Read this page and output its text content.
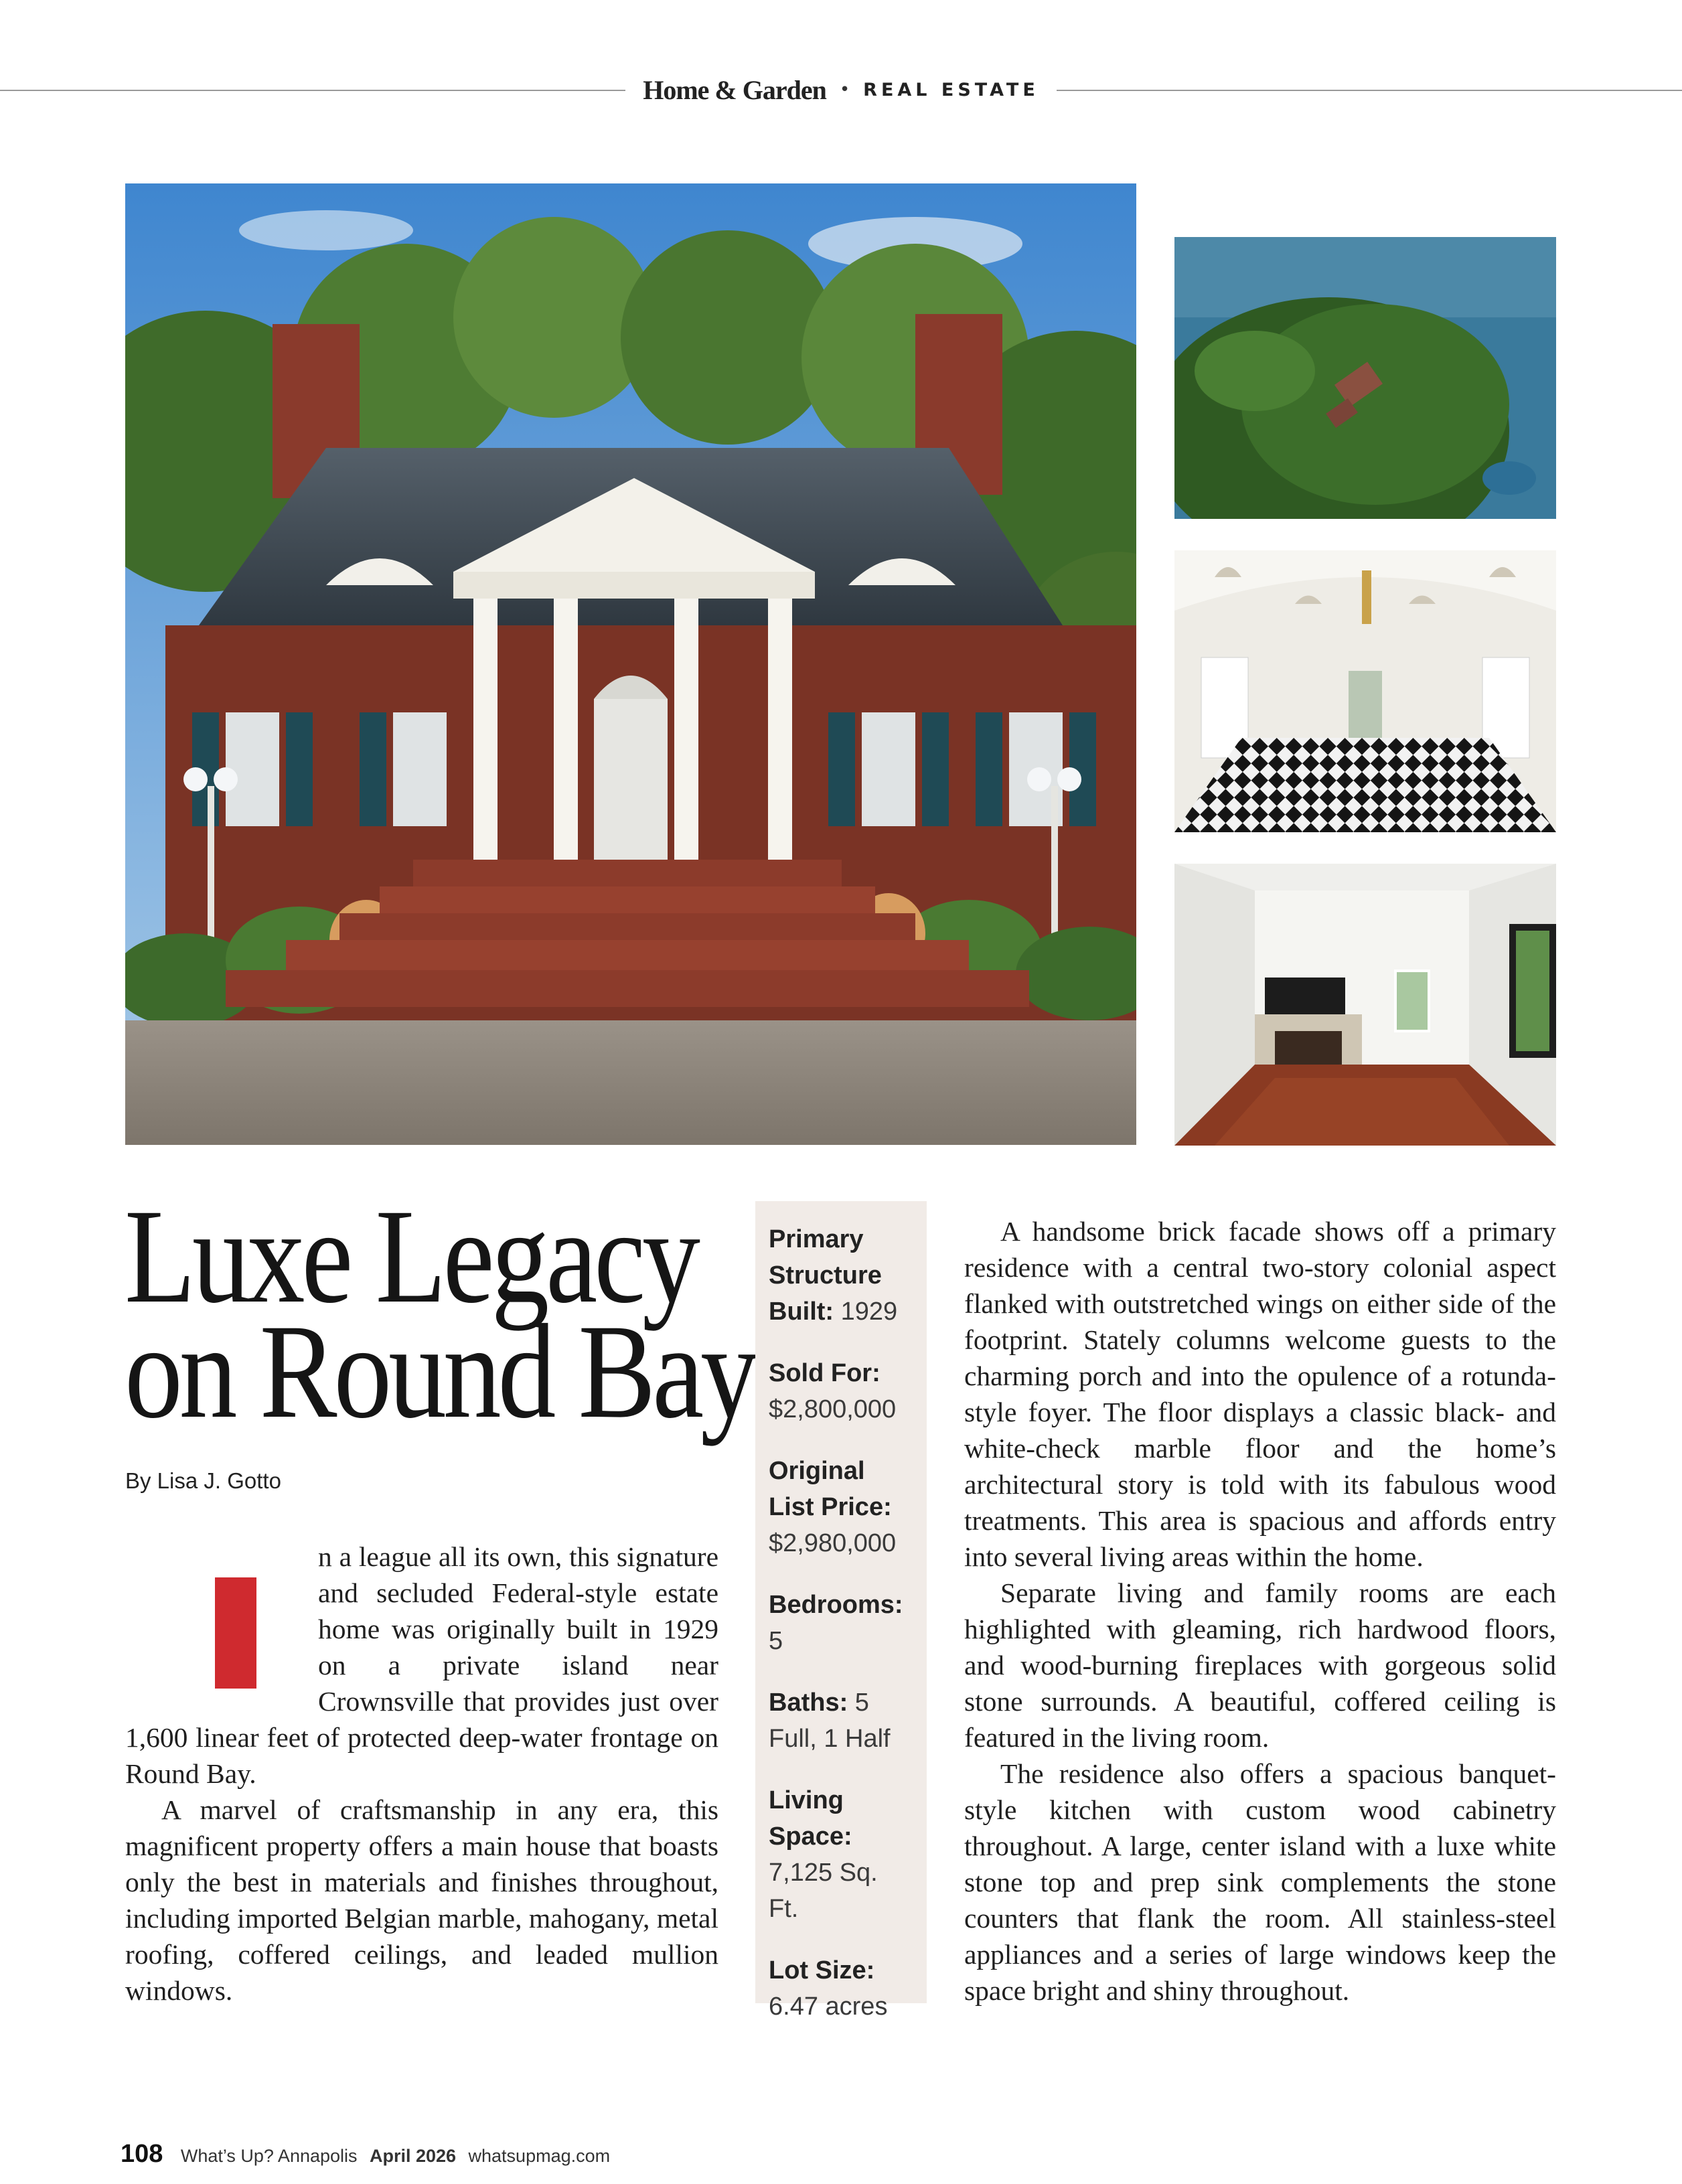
Home & Garden • REAL ESTATE
Luxe Legacy
on Round Bay

By Lisa J. Gotto

n a league all its own, this signature and secluded Federal-style estate home was originally built in 1929 on a private island near Crownsville that provides just over 1,600 linear feet of protected deep-water frontage on Round Bay.

A marvel of craftsmanship in any era, this magnificent property offers a main house that boasts only the best in materials and finishes throughout, including imported Belgian marble, mahogany, metal roofing, coffered ceilings, and leaded mullion windows.

Primary Structure Built: 1929
Sold For:
$2,800,000
Original List Price:
$2,980,000
Bedrooms:
5
Baths: 5 Full, 1 Half
Living Space:
7,125 Sq. Ft.
Lot Size:
6.47 acres

A handsome brick facade shows off a primary residence with a central two-story colonial aspect flanked with outstretched wings on either side of the footprint. Stately columns welcome guests to the charming porch and into the opulence of a rotunda-style foyer. The floor displays a classic black- and white-check marble floor and the home’s architectural story is told with its fabulous wood treatments. This area is spacious and affords entry into several living areas within the home.

Separate living and family rooms are each highlighted with gleaming, rich hardwood floors, and wood-burning fireplaces with gorgeous solid stone surrounds. A beautiful, coffered ceiling is featured in the living room.

The residence also offers a spacious banquet-style kitchen with custom wood cabinetry throughout. A large, center island with a luxe white stone top and prep sink complements the stone counters that flank the room. All stainless-steel appliances and a series of large windows keep the space bright and shiny throughout.

108 What’s Up? Annapolis April 2026 whatsupmag.com
